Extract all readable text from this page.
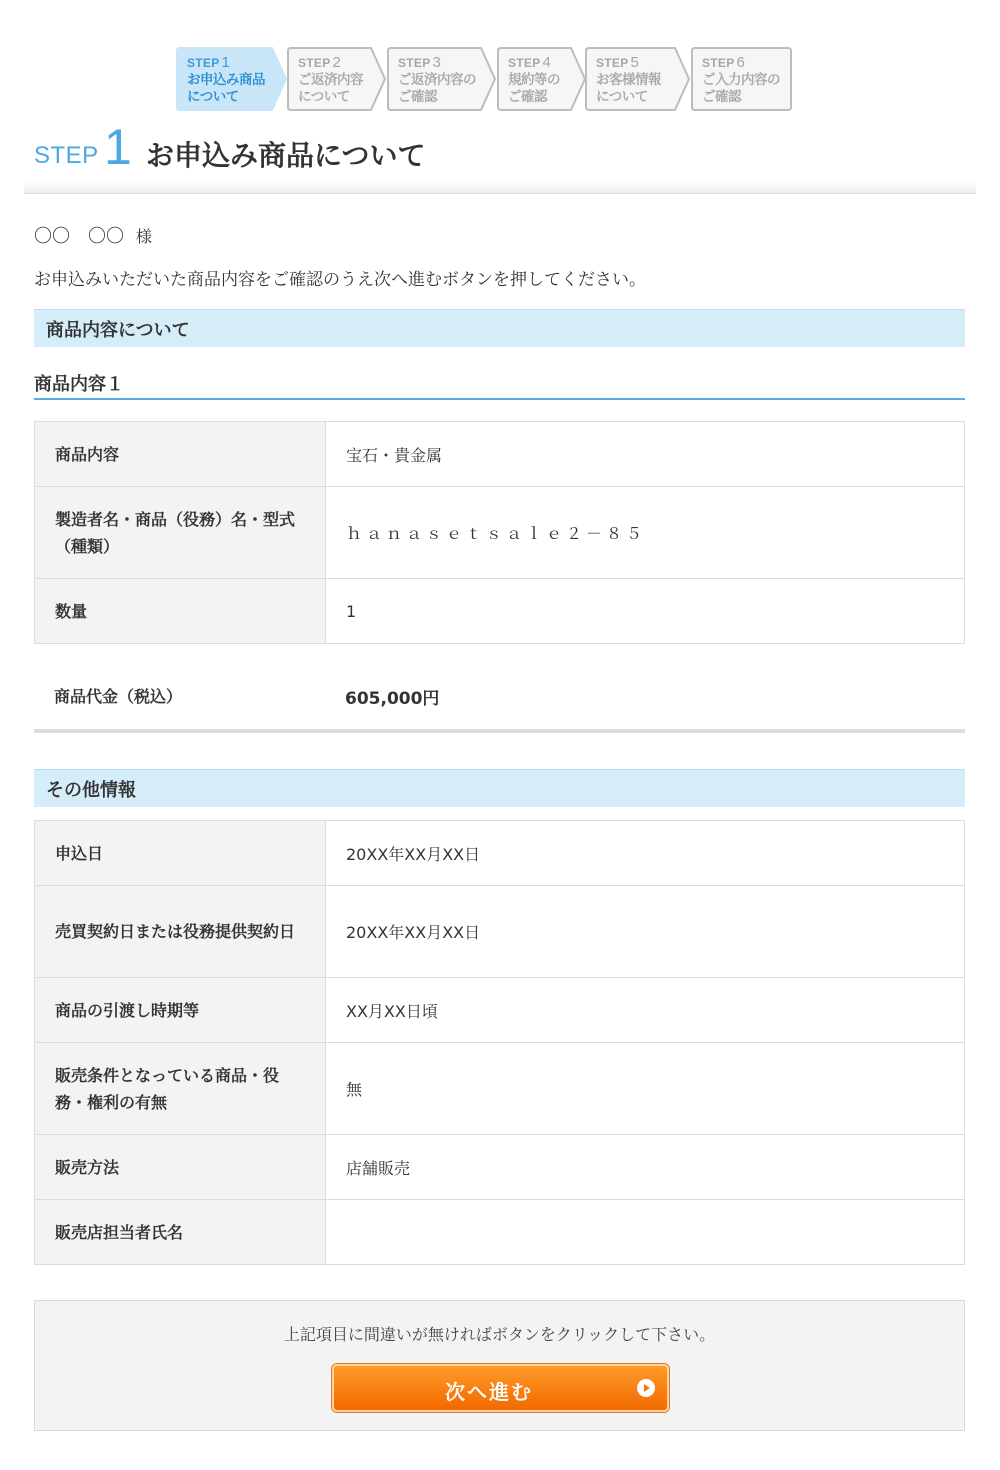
STEP 1
お申込み商品
について
STEP 2
ご返済内容
について
STEP 3
ご返済内容の
ご確認
STEP 4
規約等の
ご確認
STEP 5
お客様情報
について
STEP 6
ご入力内容の
ご確認
STEP 1 お申込み商品について
〇〇　〇〇 様
お申込みいただいた商品内容をご確認のうえ次へ進むボタンを押してください。
商品内容について
商品内容１
商品内容	宝石・貴金属
製造者名・商品（役務）名・型式（種類）	ｈａｎａｓｅｔｓａｌｅ２－８５
数量	1
商品代金（税込）	605,000円
その他情報
申込日	20XX年XX月XX日
売買契約日または役務提供契約日	20XX年XX月XX日
商品の引渡し時期等	XX月XX日頃
販売条件となっている商品・役務・権利の有無	無
販売方法	店舗販売
販売店担当者氏名	
上記項目に間違いが無ければボタンをクリックして下さい。
次へ進む
